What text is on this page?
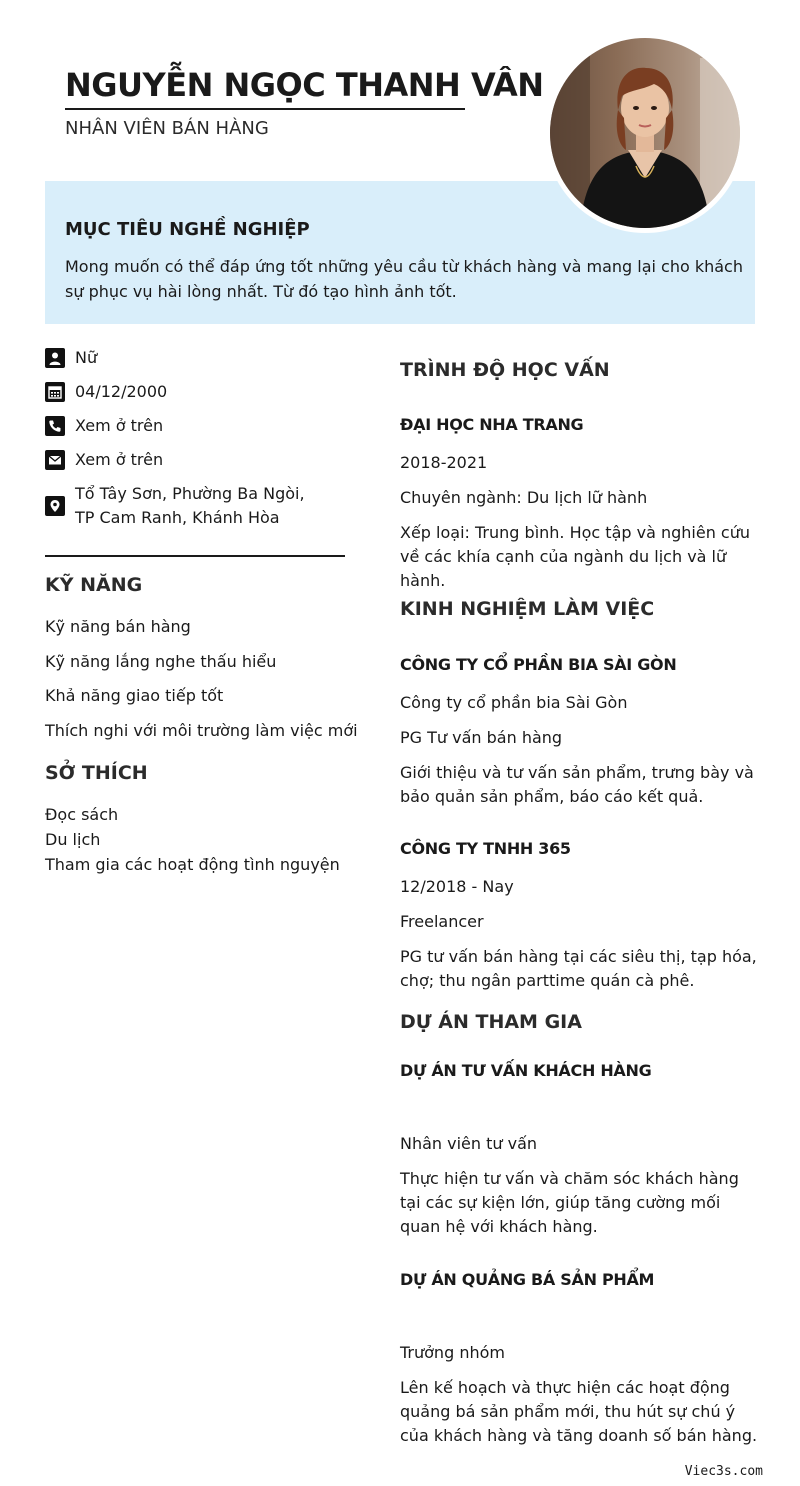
NGUYỄN NGỌC THANH VÂN
NHÂN VIÊN BÁN HÀNG
MỤC TIÊU NGHỀ NGHIỆP
Mong muốn có thể đáp ứng tốt những yêu cầu từ khách hàng và mang lại cho khách sự phục vụ hài lòng nhất. Từ đó tạo hình ảnh tốt.
Nữ
04/12/2000
Xem ở trên
Xem ở trên
Tổ Tây Sơn, Phường Ba Ngòi,
TP Cam Ranh, Khánh Hòa
KỸ NĂNG
Kỹ năng bán hàng
Kỹ năng lắng nghe thấu hiểu
Khả năng giao tiếp tốt
Thích nghi với môi trường làm việc mới
SỞ THÍCH
Đọc sách
Du lịch
Tham gia các hoạt động tình nguyện
TRÌNH ĐỘ HỌC VẤN
ĐẠI HỌC NHA TRANG
2018-2021
Chuyên ngành: Du lịch lữ hành
Xếp loại: Trung bình. Học tập và nghiên cứu về các khía cạnh của ngành du lịch và lữ hành.
KINH NGHIỆM LÀM VIỆC
CÔNG TY CỔ PHẦN BIA SÀI GÒN
Công ty cổ phần bia Sài Gòn
PG Tư vấn bán hàng
Giới thiệu và tư vấn sản phẩm, trưng bày và bảo quản sản phẩm, báo cáo kết quả.
CÔNG TY TNHH 365
12/2018 - Nay
Freelancer
PG tư vấn bán hàng tại các siêu thị, tạp hóa, chợ; thu ngân parttime quán cà phê.
DỰ ÁN THAM GIA
DỰ ÁN TƯ VẤN KHÁCH HÀNG
Nhân viên tư vấn
Thực hiện tư vấn và chăm sóc khách hàng tại các sự kiện lớn, giúp tăng cường mối quan hệ với khách hàng.
DỰ ÁN QUẢNG BÁ SẢN PHẨM
Trưởng nhóm
Lên kế hoạch và thực hiện các hoạt động quảng bá sản phẩm mới, thu hút sự chú ý của khách hàng và tăng doanh số bán hàng.
Viec3s.com
